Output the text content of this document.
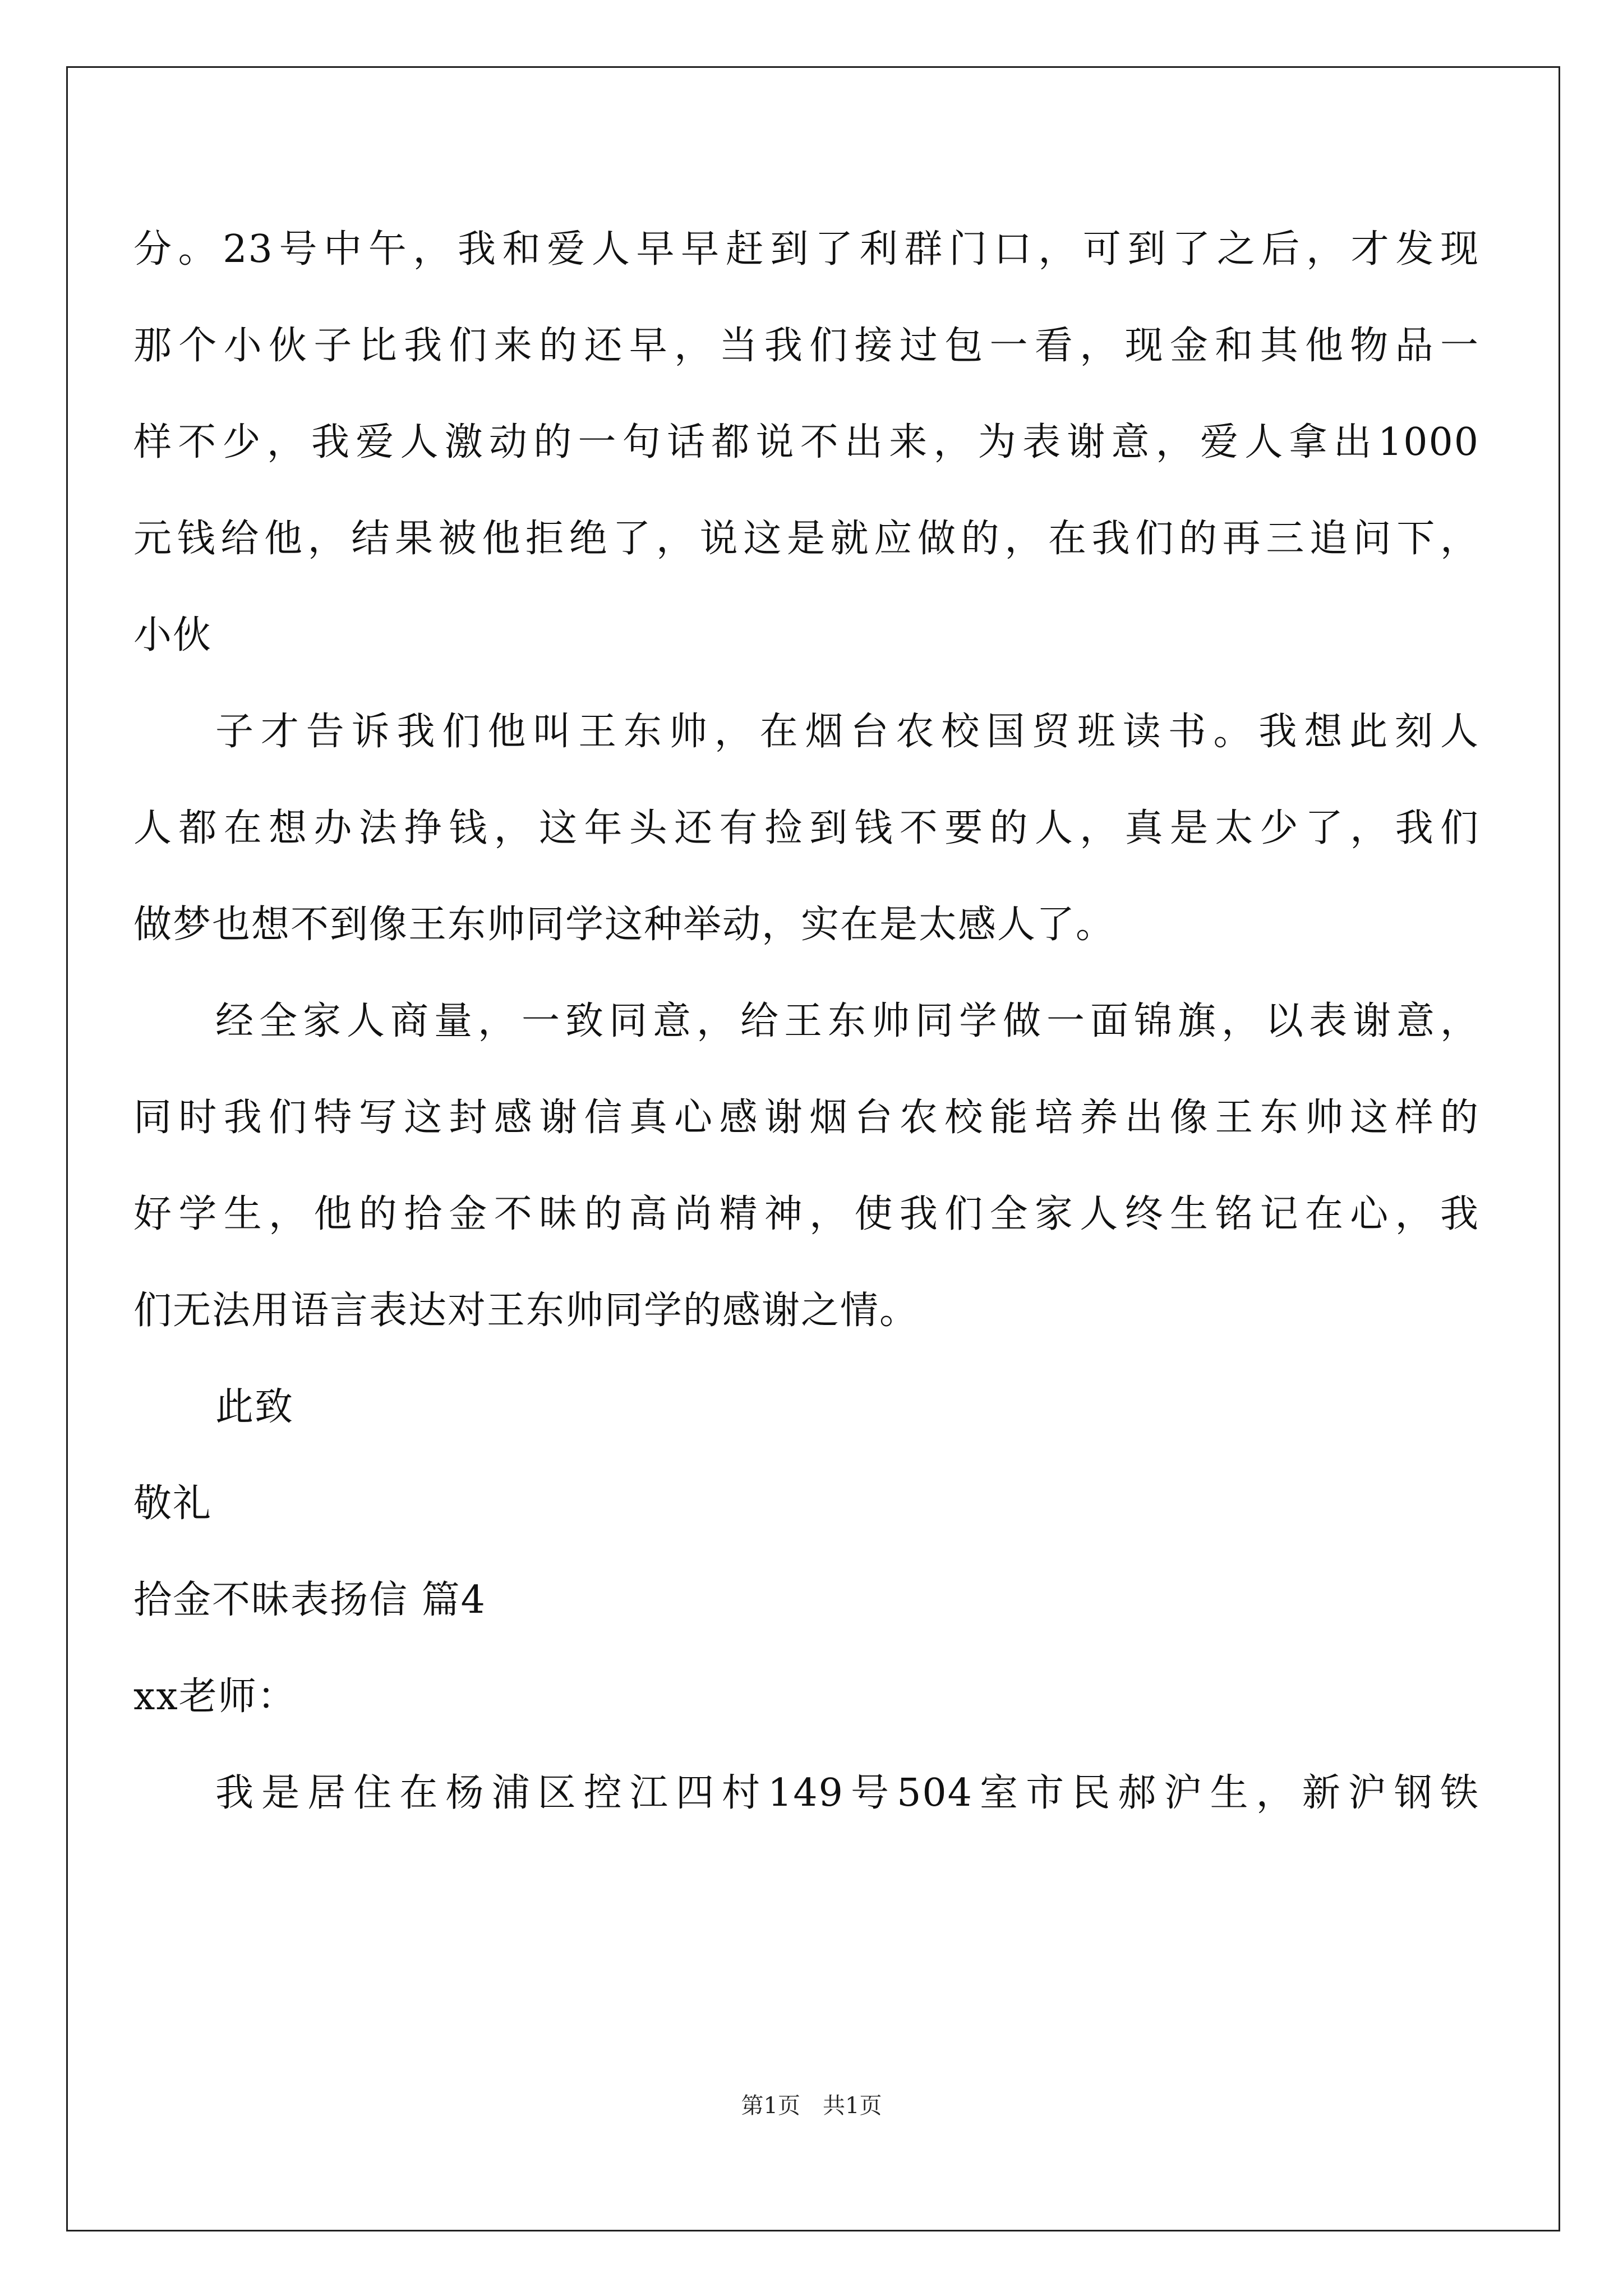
分。23号中午，我和爱人早早赶到了利群门口，可到了之后，才发现
那个小伙子比我们来的还早，当我们接过包一看，现金和其他物品一
样不少，我爱人激动的一句话都说不出来，为表谢意，爱人拿出1000
元钱给他，结果被他拒绝了，说这是就应做的，在我们的再三追问下，
小伙
子才告诉我们他叫王东帅，在烟台农校国贸班读书。我想此刻人
人都在想办法挣钱，这年头还有捡到钱不要的人，真是太少了，我们
做梦也想不到像王东帅同学这种举动，实在是太感人了。
经全家人商量，一致同意，给王东帅同学做一面锦旗，以表谢意，
同时我们特写这封感谢信真心感谢烟台农校能培养出像王东帅这样的
好学生，他的拾金不昧的高尚精神，使我们全家人终生铭记在心，我
们无法用语言表达对王东帅同学的感谢之情。
此致
敬礼
拾金不昧表扬信 篇4
xx老师：
我是居住在杨浦区控江四村149号504室市民郝沪生，新沪钢铁
第1页　共1页
